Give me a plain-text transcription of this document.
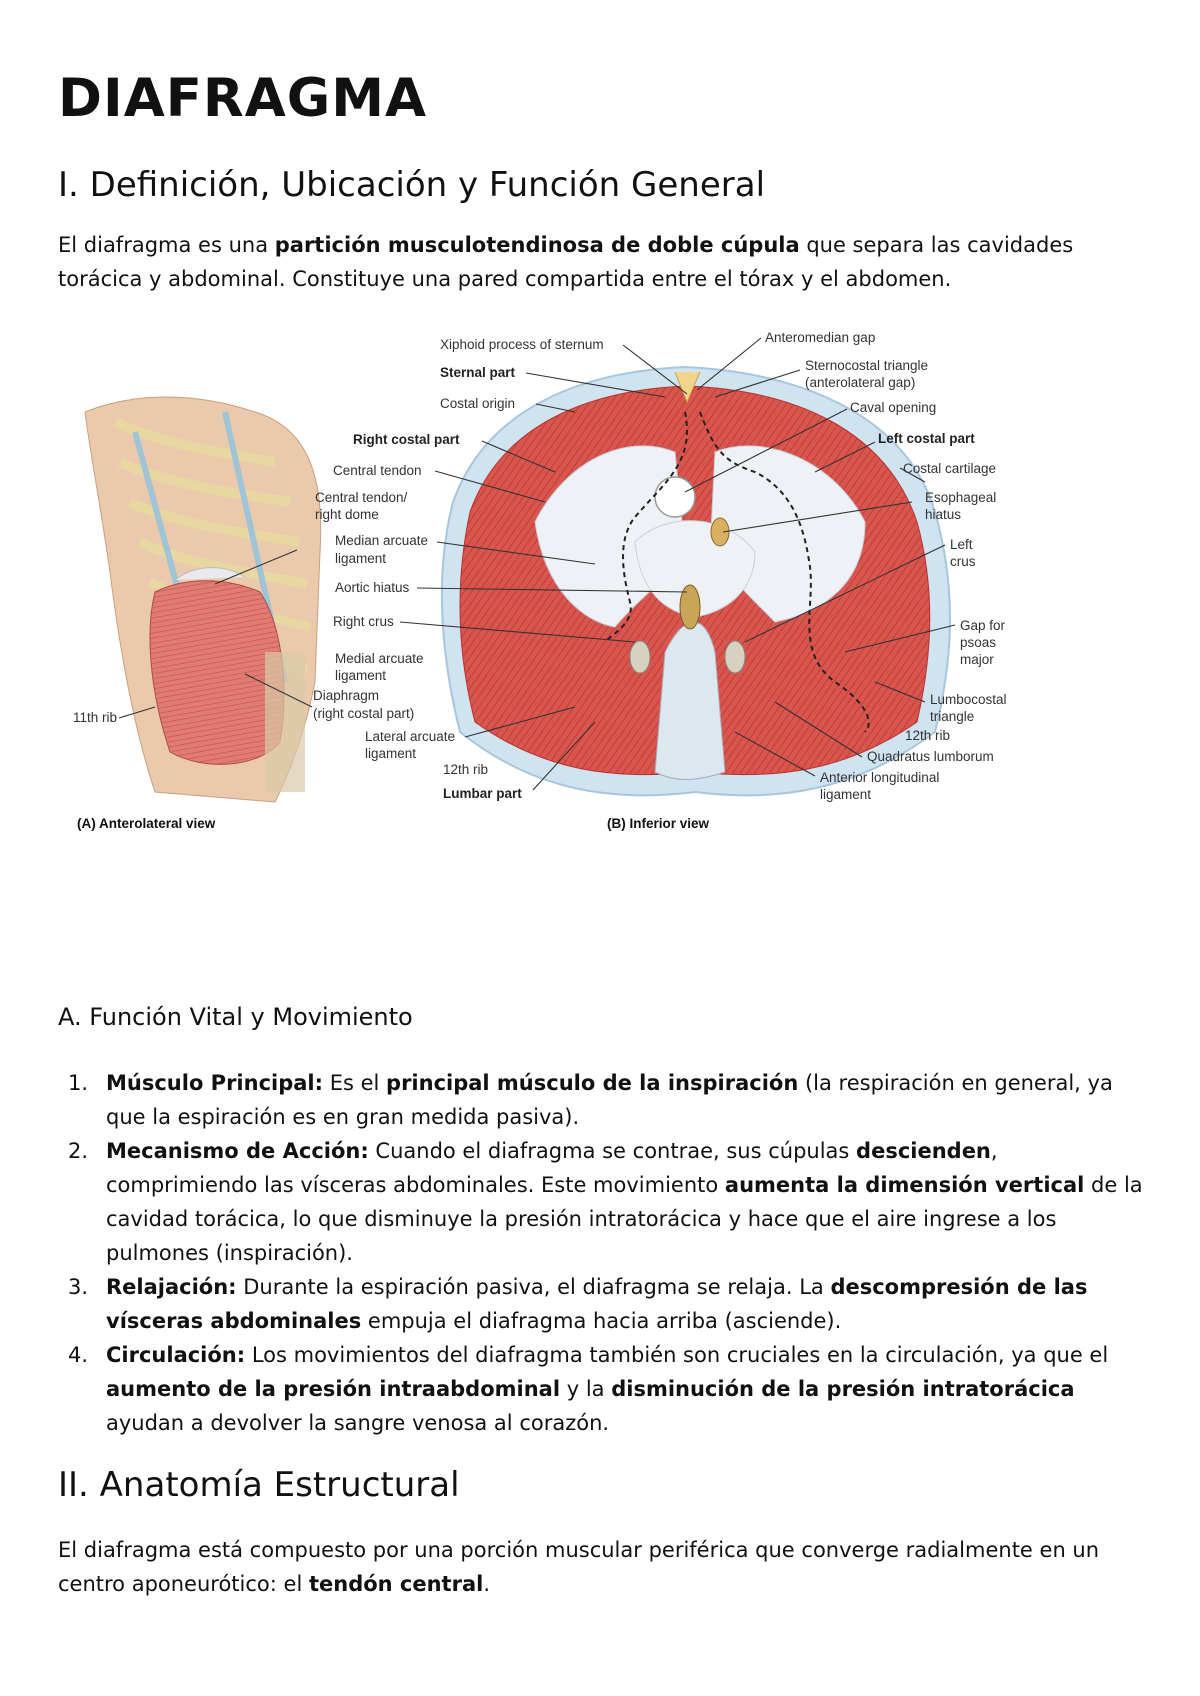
DIAFRAGMA
I. Definición, Ubicación y Función General

El diafragma es una partición musculotendinosa de doble cúpula que separa las cavidades torácica y abdominal. Constituye una pared compartida entre el tórax y el abdomen.

Central tendon/
right dome
Diaphragm
(right costal part)
11th rib
Xiphoid process of sternum
Sternal part
Costal origin
Right costal part
Central tendon
Median arcuate
ligament
Aortic hiatus
Right crus
Medial arcuate
ligament
Lateral arcuate
ligament
12th rib
Lumbar part
Anteromedian gap
Sternocostal triangle
(anterolateral gap)
Caval opening
Left costal part
Costal cartilage
Esophageal
hiatus
Left
crus
Gap for
psoas
major
Lumbocostal
triangle
12th rib
Quadratus lumborum
Anterior longitudinal
ligament
(A) Anterolateral view	(B) Inferior view
A. Función Vital y Movimiento
1. Músculo Principal: Es el principal músculo de la inspiración (la respiración en general, ya que la espiración es en gran medida pasiva).
2. Mecanismo de Acción: Cuando el diafragma se contrae, sus cúpulas descienden, comprimiendo las vísceras abdominales. Este movimiento aumenta la dimensión vertical de la cavidad torácica, lo que disminuye la presión intratorácica y hace que el aire ingrese a los pulmones (inspiración).
3. Relajación: Durante la espiración pasiva, el diafragma se relaja. La descompresión de las vísceras abdominales empuja el diafragma hacia arriba (asciende).
4. Circulación: Los movimientos del diafragma también son cruciales en la circulación, ya que el aumento de la presión intraabdominal y la disminución de la presión intratorácica ayudan a devolver la sangre venosa al corazón.
II. Anatomía Estructural

El diafragma está compuesto por una porción muscular periférica que converge radialmente en un centro aponeurótico: el tendón central.
